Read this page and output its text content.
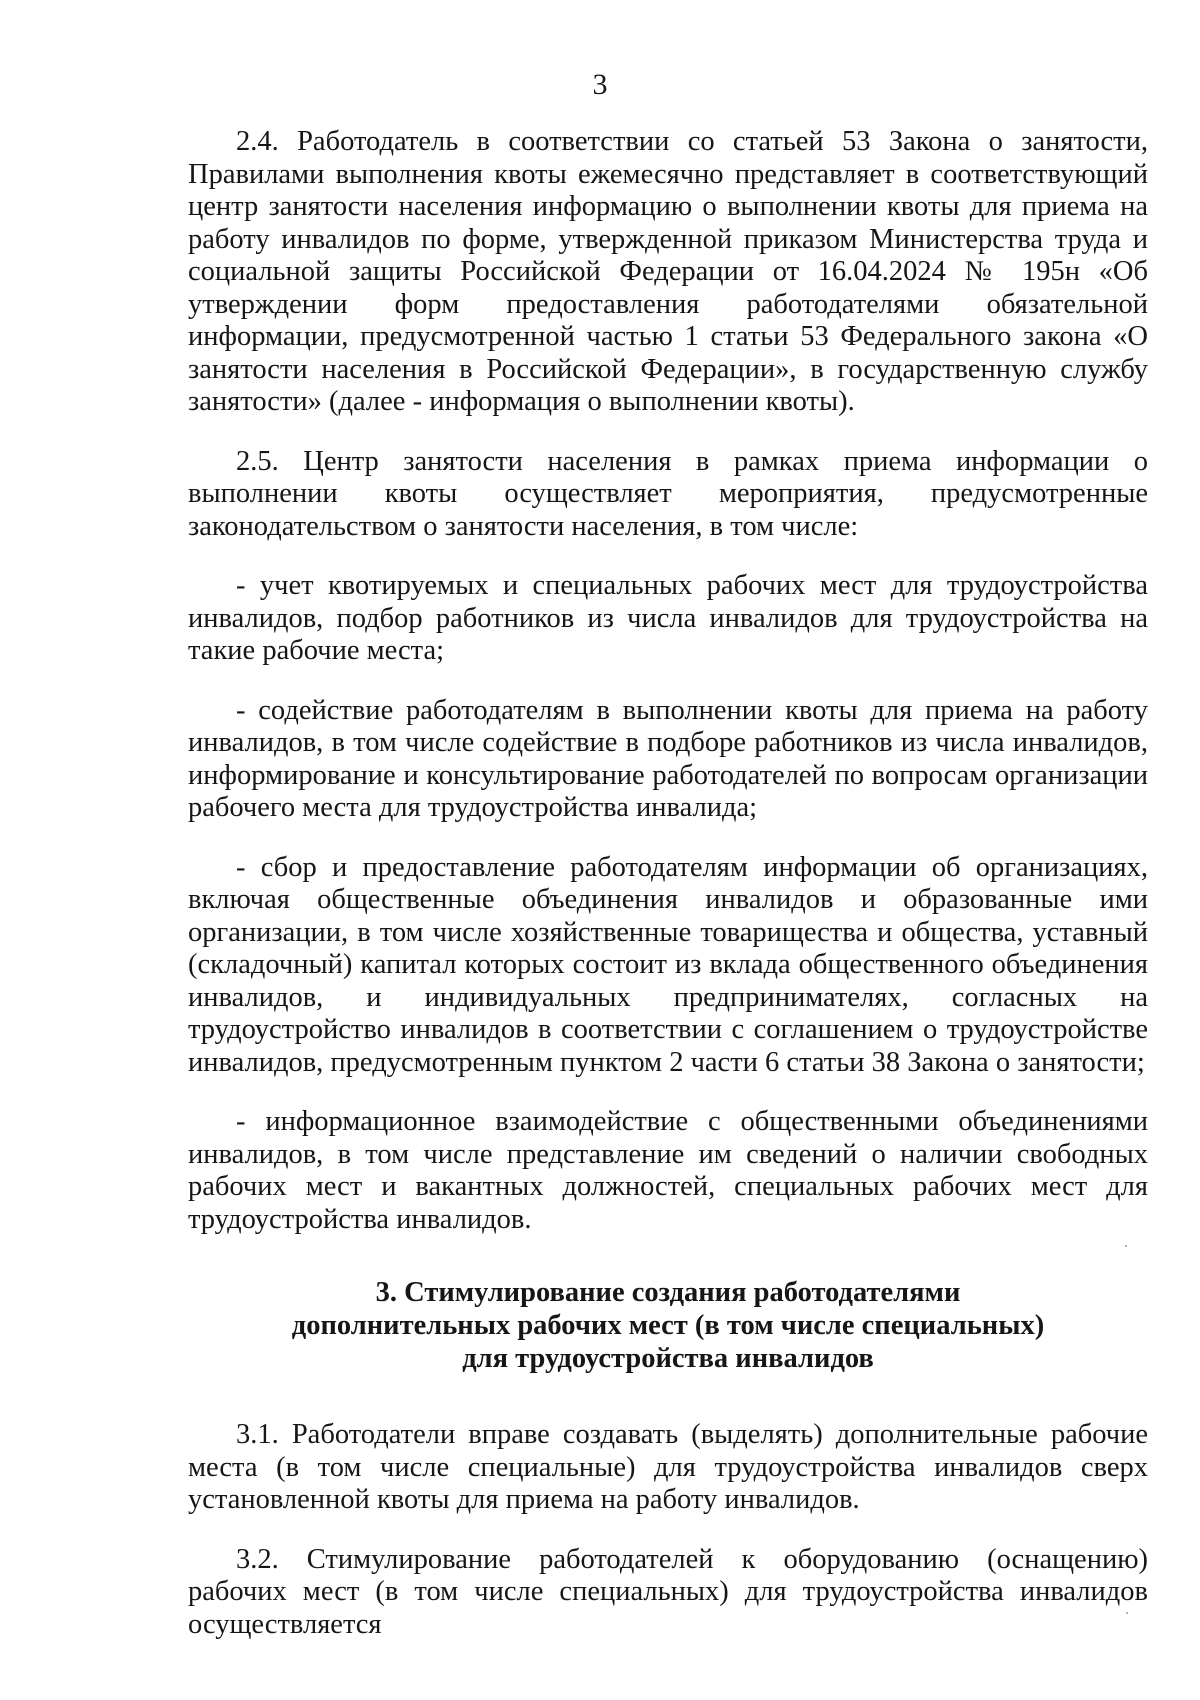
3

2.4. Работодатель в соответствии со статьей 53 Закона о занятости, Правилами выполнения квоты ежемесячно представляет в соответствующий центр занятости населения информацию о выполнении квоты для приема на работу инвалидов по форме, утвержденной приказом Министерства труда и социальной защиты Российской Федерации от 16.04.2024 № 195н «Об утверждении форм предоставления работодателями обязательной информации, предусмотренной частью 1 статьи 53 Федерального закона «О занятости населения в Российской Федерации», в государственную службу занятости» (далее - информация о выполнении квоты).

2.5. Центр занятости населения в рамках приема информации о выполнении квоты осуществляет мероприятия, предусмотренные законодательством о занятости населения, в том числе:

- учет квотируемых и специальных рабочих мест для трудоустройства инвалидов, подбор работников из числа инвалидов для трудоустройства на такие рабочие места;

- содействие работодателям в выполнении квоты для приема на работу инвалидов, в том числе содействие в подборе работников из числа инвалидов, информирование и консультирование работодателей по вопросам организации рабочего места для трудоустройства инвалида;

- сбор и предоставление работодателям информации об организациях, включая общественные объединения инвалидов и образованные ими организации, в том числе хозяйственные товарищества и общества, уставный (складочный) капитал которых состоит из вклада общественного объединения инвалидов, и индивидуальных предпринимателях, согласных на трудоустройство инвалидов в соответствии с соглашением о трудоустройстве инвалидов, предусмотренным пунктом 2 части 6 статьи 38 Закона о занятости;

- информационное взаимодействие с общественными объединениями инвалидов, в том числе представление им сведений о наличии свободных рабочих мест и вакантных должностей, специальных рабочих мест для трудоустройства инвалидов.

3. Стимулирование создания работодателями
дополнительных рабочих мест (в том числе специальных)
для трудоустройства инвалидов

3.1. Работодатели вправе создавать (выделять) дополнительные рабочие места (в том числе специальные) для трудоустройства инвалидов сверх установленной квоты для приема на работу инвалидов.

3.2. Стимулирование работодателей к оборудованию (оснащению) рабочих мест (в том числе специальных) для трудоустройства инвалидов осуществляется
